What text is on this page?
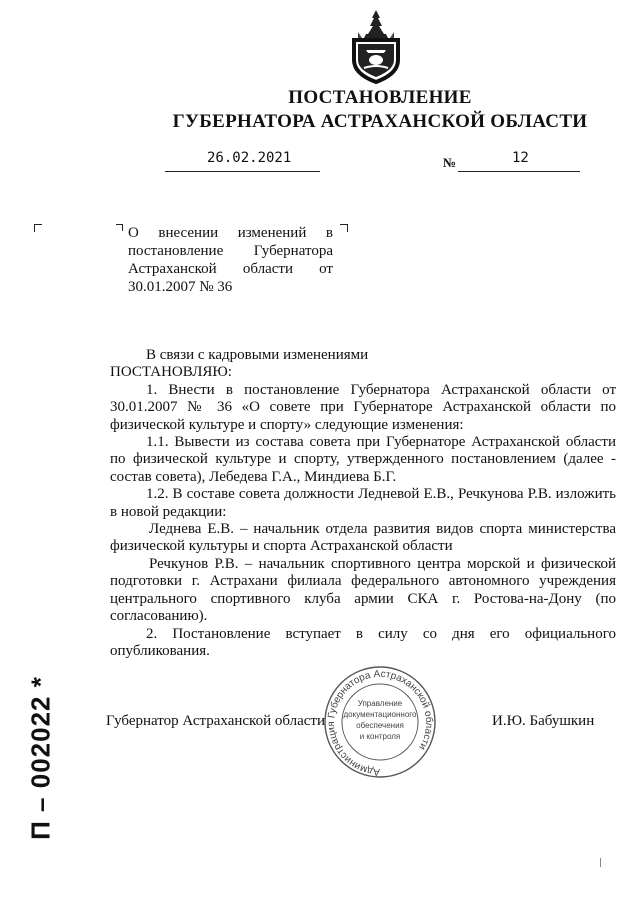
ПОСТАНОВЛЕНИЕ
ГУБЕРНАТОРА АСТРАХАНСКОЙ ОБЛАСТИ
26.02.2021	№	12
О внесении изменений в постановление Губернатора Астраханской области от 30.01.2007 № 36

В связи с кадровыми изменениями

ПОСТАНОВЛЯЮ:

1. Внести в постановление Губернатора Астраханской области от 30.01.2007 № 36 «О совете при Губернаторе Астраханской области по физической культуре и спорту» следующие изменения:

1.1. Вывести из состава совета при Губернаторе Астраханской области по физической культуре и спорту, утвержденного постановлением (далее - состав совета), Лебедева Г.А., Миндиева Б.Г.

1.2. В составе совета должности Ледневой Е.В., Речкунова Р.В. изложить в новой редакции:

Леднева Е.В. – начальник отдела развития видов спорта министерства физической культуры и спорта Астраханской области

Речкунов Р.В. – начальник спортивного центра морской и физической подготовки г. Астрахани филиала федерального автономного учреждения центрального спортивного клуба армии СКА г. Ростова-на-Дону (по согласованию).

2. Постановление вступает в силу со дня его официального опубликования.

Губернатор Астраханской области	И.Ю. Бабушкин
Администрация Губернатора Астраханской области
Управление
документационного
обеспечения
и контроля
П – 002022 *
